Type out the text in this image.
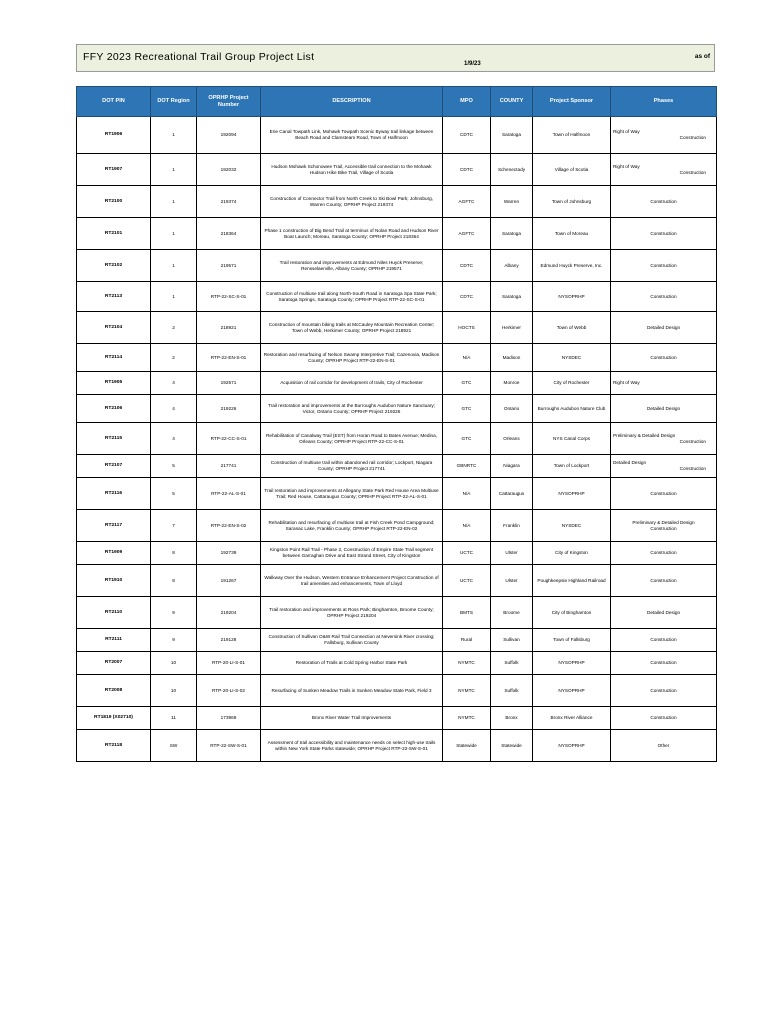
FFY 2023 Recreational Trail Group Project List
1/9/23
as of
DOT PIN	DOT Region	OPRHP Project Number	DESCRIPTION	MPO	COUNTY	Project Sponsor	Phases
RT1906	1	192094	Erie Canal Towpath Link, Mohawk Towpath Scenic Byway trail linkage between Beach Road and Clamsteam Road, Town of Halfmoon	CDTC	Saratoga	Town of Halfmoon	Right of Way
Construction

RT1907	1	192032	Hudson Mohawk Schonowee Trail, Accessible trail connection to the Mohawk Hudson Hike Bike Trail, Village of Scotia	CDTC	Schenectady	Village of Scotia	Right of Way
Construction

RT2100	1	219374	Construction of Connector Trail from North Creek to Ski Bowl Park; Johnsburg, Warren County; OPRHP Project 219374	AGFTC	Warren	Town of Johnsburg	Construction

RT2101	1	218364	Phase 1 construction of Big Bend Trail at terminus of Nolan Road and Hudson River Boat Launch; Moreau, Saratoga County; OPRHP Project 218364	AGFTC	Saratoga	Town of Moreau	Construction

RT2102	1	219571	Trail restoration and improvements at Edmund Niles Huyck Preserve; Rensselaerville, Albany County; OPRHP 219571	CDTC	Albany	Edmund Huyck Preserve, Inc.	Construction

RT2113	1	RTP-22-SC-S-01	Construction of multiuse trail along North-South Road in Saratoga Spa State Park; Saratoga Springs, Saratoga County; OPRHP Project RTP-22-SC-S-01	CDTC	Saratoga	NYSOPRHP	Construction

RT2104	2	218921	Construction of mountain biking trails at McCauley Mountain Recreation Center; Town of Webb, Herkimer County; OPRHP Project 218921	HOCTS	Herkimer	Town of Webb	Detailed Design

RT2114	2	RTP-22-EN-S-01	Restoration and resurfacing of Nelson Swamp Interpretive Trail; Cazenovia, Madison County; OPRHP Project RTP-22-EN-S-01	N/A	Madison	NYSDEC	Construction

RT1905	4	192571	Acquisition of rail corridor for development of trails, City of Rochester	GTC	Monroe	City of Rochester	Right of Way

RT2106	4	219226	Trail restoration and improvements at the Burroughs Audubon Nature Sanctuary; Victor, Ontario County; OPRHP Project 219226	GTC	Ontario	Burroughs Audubon Nature Club	Detailed Design

RT2115	4	RTP-22-CC-S-01	Rehabilitation of Canalway Trail (EST) from Horan Road to Bates Avenue; Medina, Orleans County; OPRHP Project RTP-22-CC-S-01	GTC	Orleans	NYS Canal Corps	Preliminary & Detailed Design
Construction

RT2107	5	217741	Construction of multiuse trail within abandoned rail corridor; Lockport, Niagara County; OPRHP Project 217741	GBNRTC	Niagara	Town of Lockport	Detailed Design
Construction

RT2116	5	RTP-22-AL-S-01	Trail restoration and improvements at Allegany State Park Red House Area Multiuse Trail; Red House, Cattaraugus County; OPRHP Project RTP-22-AL-S-01	N/A	Cattaraugus	NYSOPRHP	Construction

RT2117	7	RTP-22-EN-S-02	Rehabilitation and resurfacing of multiuse trail at Fish Creek Pond Campground; Saranac Lake, Franklin County; OPRHP Project RTP-22-EN-02	N/A	Franklin	NYSDEC	Preliminary & Detailed Design
Construction

RT1909	8	192739	Kingston Point Rail Trail - Phase 2, Construction of Empire State Trail segment between Garraghan Drive and East Strand Street, City of Kingston	UCTC	Ulster	City of Kingston	Construction

RT1910	8	191267	Walkway Over the Hudson, Western Entrance Enhancement Project Construction of trail amenities and enhancements, Town of Lloyd	UCTC	Ulster	Poughkeepsie Highland Railroad	Construction

RT2110	9	219204	Trail restoration and improvements at Ross Park; Binghamton, Broome County; OPRHP Project 219204	BMTS	Broome	City of Binghamton	Detailed Design

RT2111	9	219128	Construction of Sullivan O&W Rail Trail Connection at Neversink River crossing; Fallsburg, Sullivan County	Rural	Sullivan	Town of Fallsburg	Construction

RT2007	10	RTP-20-LI-S-01	Restoration of Trails at Cold Spring Harbor State Park	NYMTC	Suffolk	NYSOPRHP	Construction

RT2008	10	RTP-20-LI-S-02	Resurfacing of Sunken Meadow Trails in Sunken Meadow State Park, Field 3	NYMTC	Suffolk	NYSOPRHP	Construction

RT1819 (X02710)	11	173969	Bronx River Water Trail Improvements	NYMTC	Bronx	Bronx River Alliance	Construction

RT2118	SW	RTP-22-SW-S-01	Assessment of trail accessibility and maintenance needs on select high-use trails within New York State Parks statewide; OPRHP Project RTP-22-SW-S-01	Statewide	Statewide	NYSOPRHP	Other
